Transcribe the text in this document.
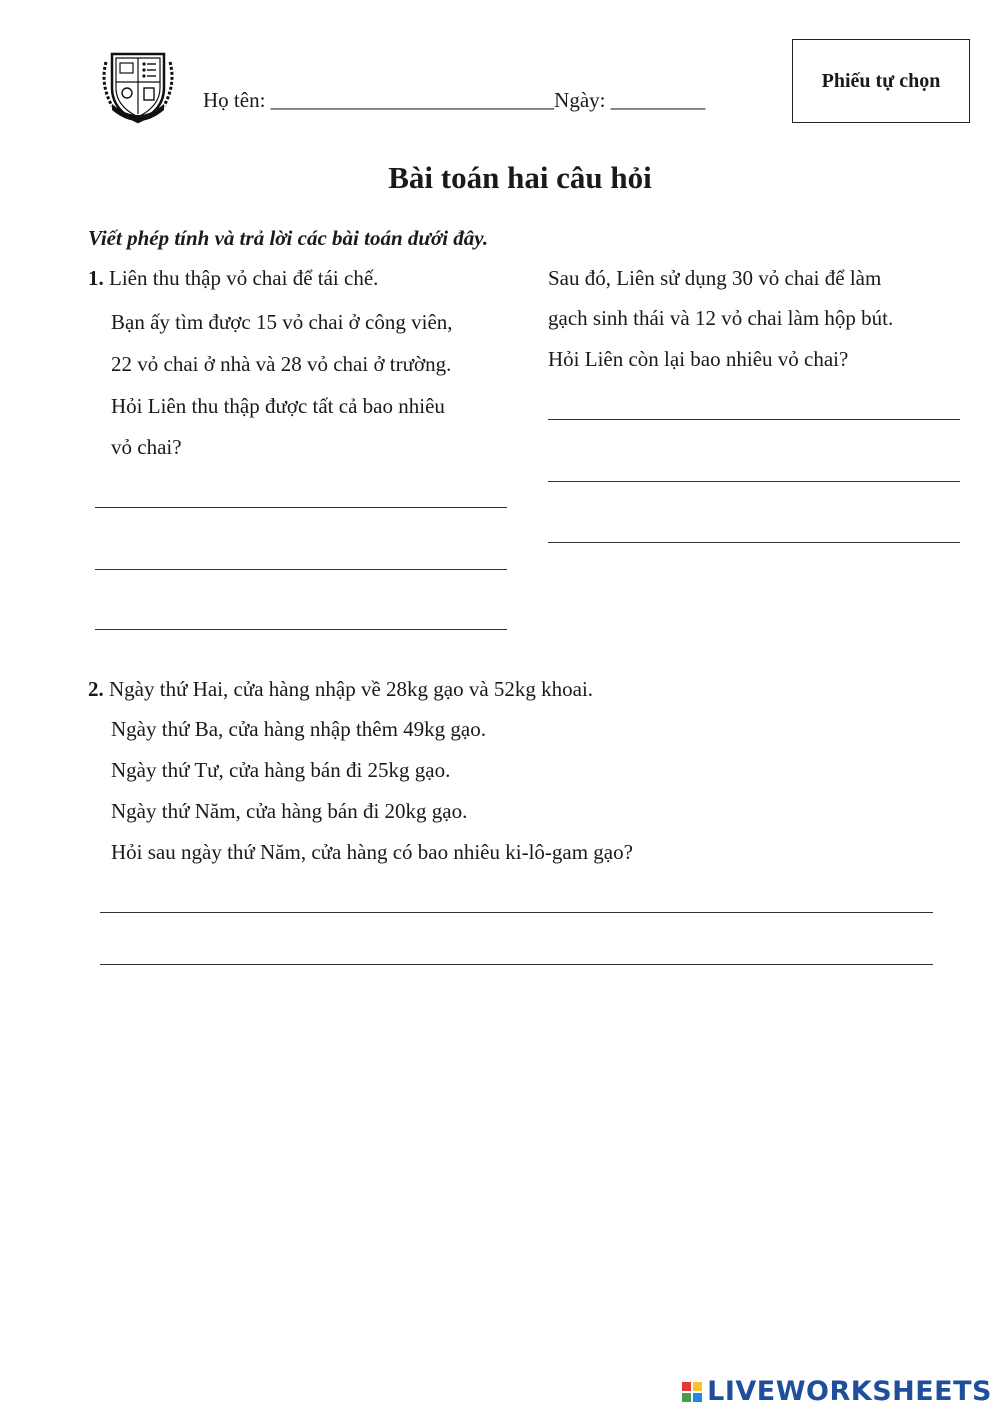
Họ tên: ___________________________Ngày: _________
Phiếu tự chọn
Bài toán hai câu hỏi
Viết phép tính và trả lời các bài toán dưới đây.
1. Liên thu thập vỏ chai để tái chế.
Bạn ấy tìm được 15 vỏ chai ở công viên,
22 vỏ chai ở nhà và 28 vỏ chai ở trường.
Hỏi Liên thu thập được tất cả bao nhiêu
vỏ chai?
Sau đó, Liên sử dụng 30 vỏ chai để làm
gạch sinh thái và 12 vỏ chai làm hộp bút.
Hỏi Liên còn lại bao nhiêu vỏ chai?
2. Ngày thứ Hai, cửa hàng nhập về 28kg gạo và 52kg khoai.
Ngày thứ Ba, cửa hàng nhập thêm 49kg gạo.
Ngày thứ Tư, cửa hàng bán đi 25kg gạo.
Ngày thứ Năm, cửa hàng bán đi 20kg gạo.
Hỏi sau ngày thứ Năm, cửa hàng có bao nhiêu ki-lô-gam gạo?
LIVEWORKSHEETS
